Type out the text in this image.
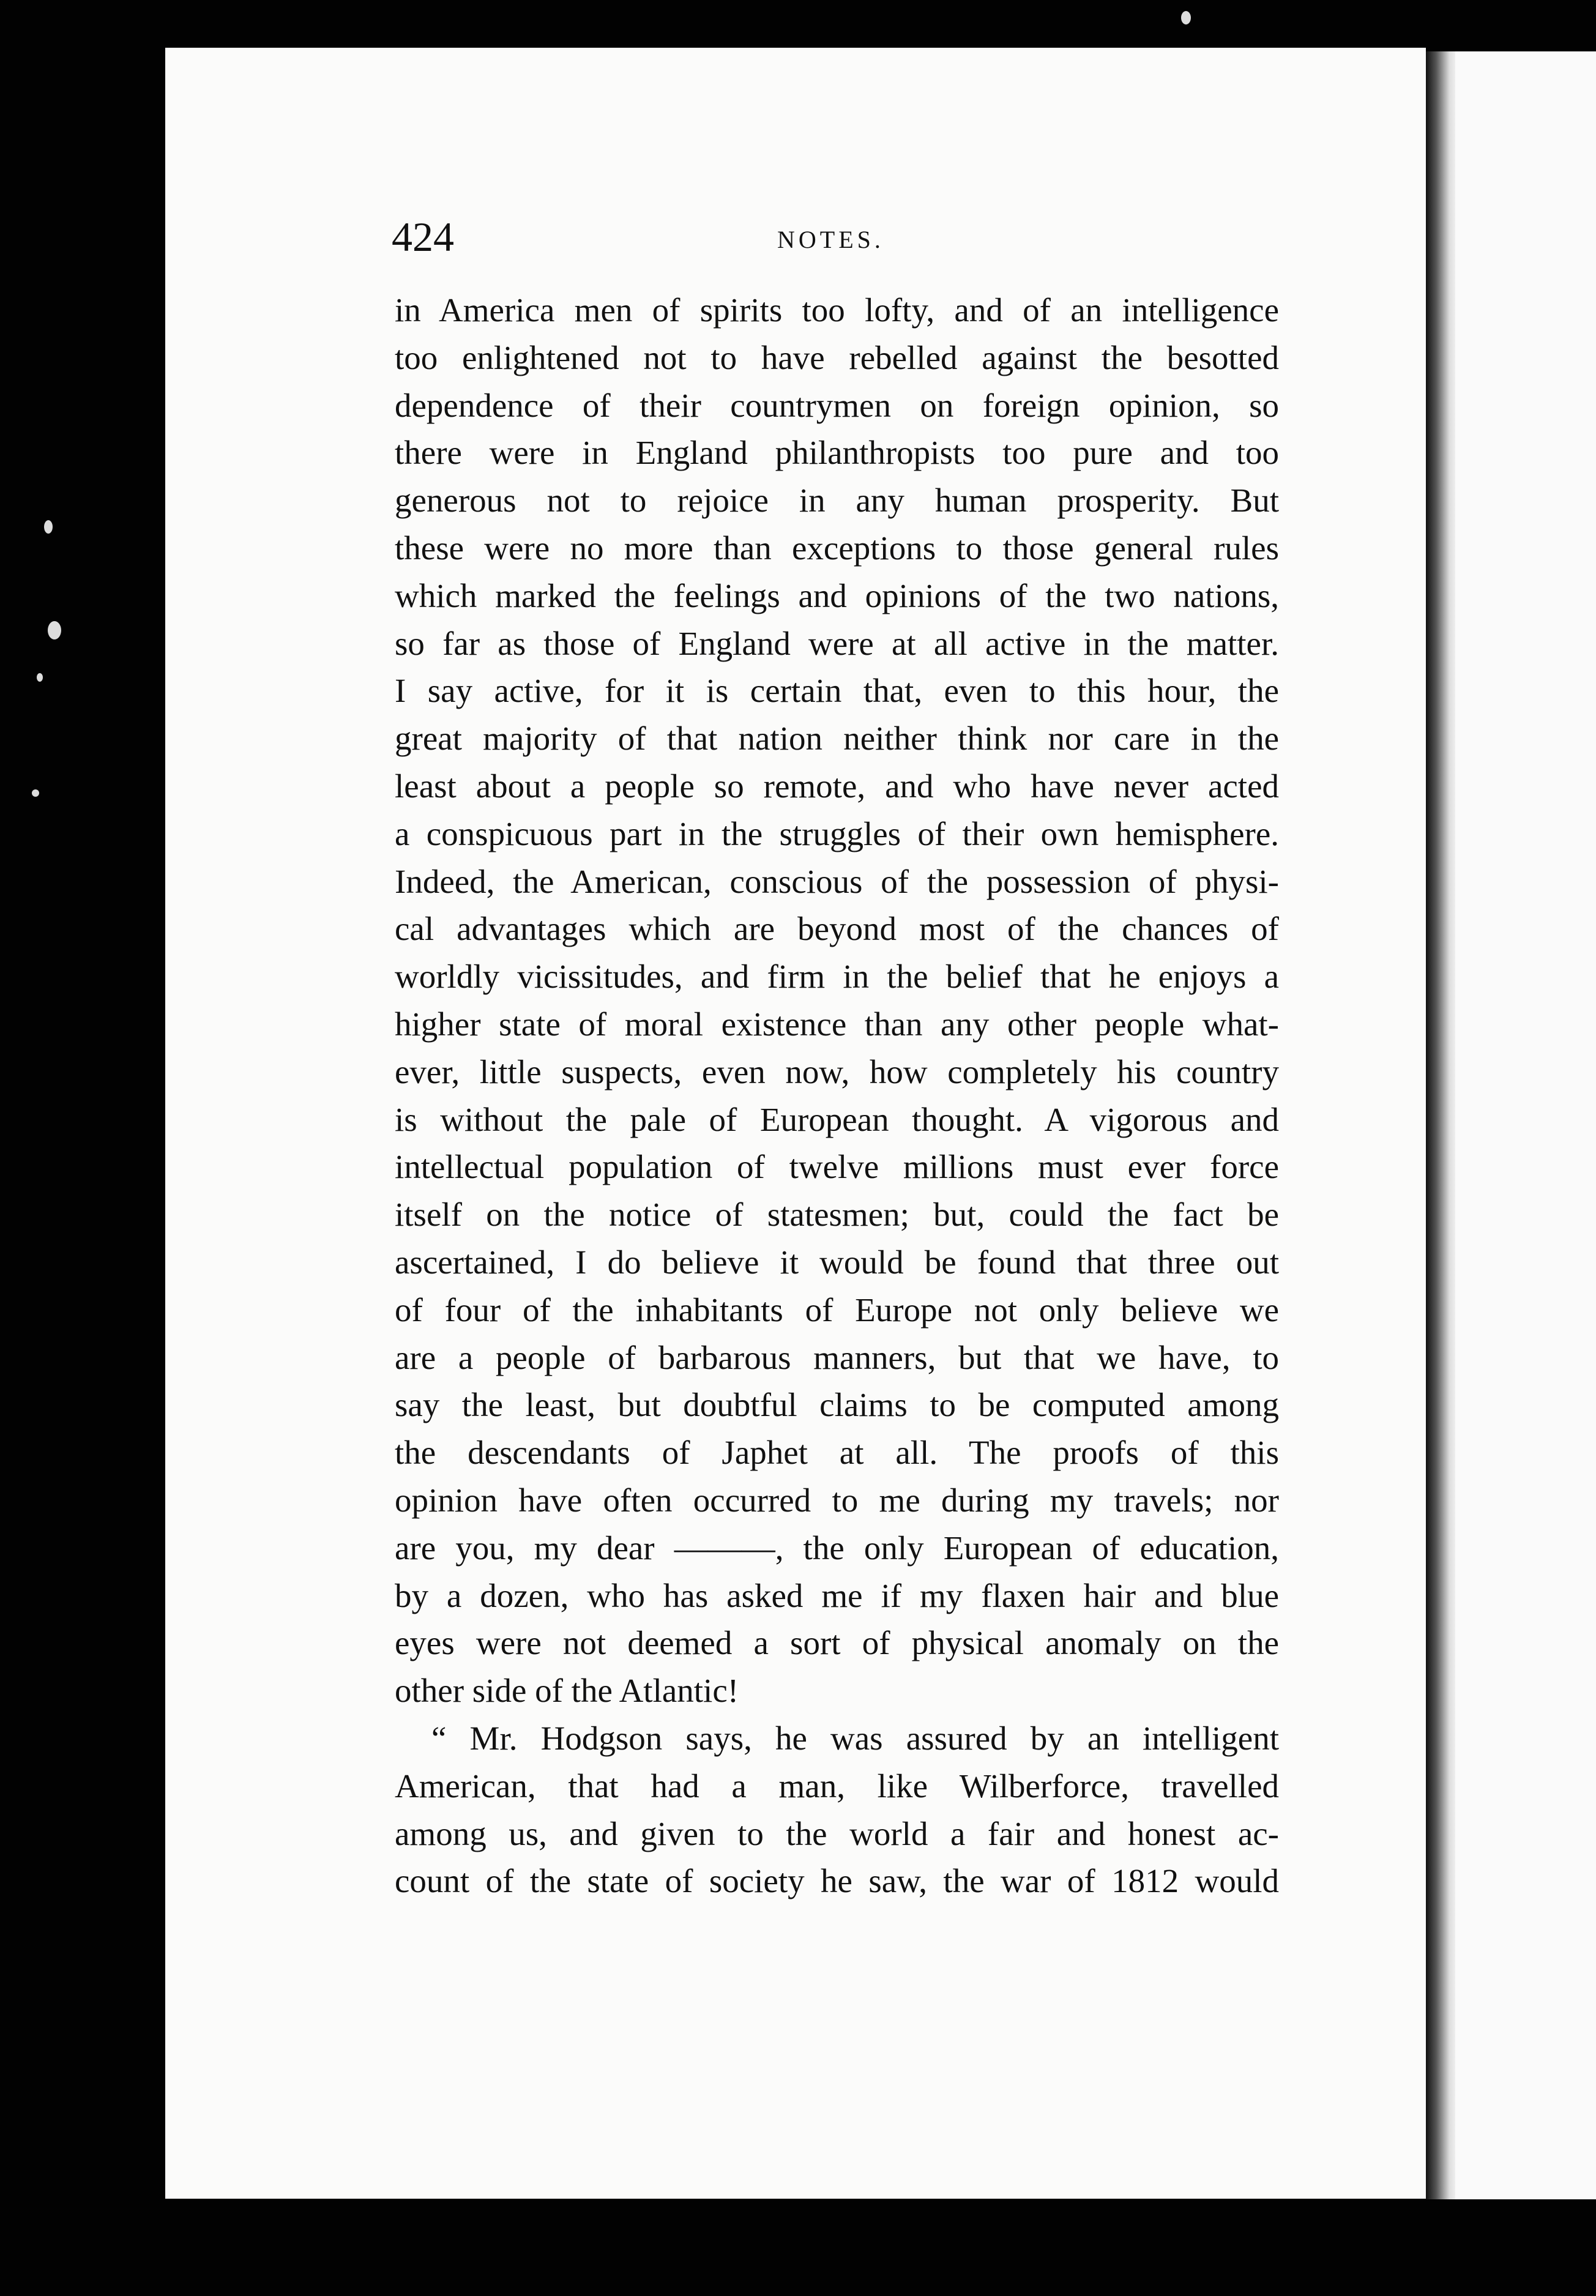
424	NOTES.
in America men of spirits too lofty, and of an intelligence
too enlightened not to have rebelled against the besotted
dependence of their countrymen on foreign opinion, so
there were in England philanthropists too pure and too
generous not to rejoice in any human prosperity. But
these were no more than exceptions to those general rules
which marked the feelings and opinions of the two nations,
so far as those of England were at all active in the matter.
I say active, for it is certain that, even to this hour, the
great majority of that nation neither think nor care in the
least about a people so remote, and who have never acted
a conspicuous part in the struggles of their own hemisphere.
Indeed, the American, conscious of the possession of physi-
cal advantages which are beyond most of the chances of
worldly vicissitudes, and firm in the belief that he enjoys a
higher state of moral existence than any other people what-
ever, little suspects, even now, how completely his country
is without the pale of European thought. A vigorous and
intellectual population of twelve millions must ever force
itself on the notice of statesmen; but, could the fact be
ascertained, I do believe it would be found that three out
of four of the inhabitants of Europe not only believe we
are a people of barbarous manners, but that we have, to
say the least, but doubtful claims to be computed among
the descendants of Japhet at all. The proofs of this
opinion have often occurred to me during my travels; nor
are you, my dear ———, the only European of education,
by a dozen, who has asked me if my flaxen hair and blue
eyes were not deemed a sort of physical anomaly on the
other side of the Atlantic!
“ Mr. Hodgson says, he was assured by an intelligent
American, that had a man, like Wilberforce, travelled
among us, and given to the world a fair and honest ac-
count of the state of society he saw, the war of 1812 would
